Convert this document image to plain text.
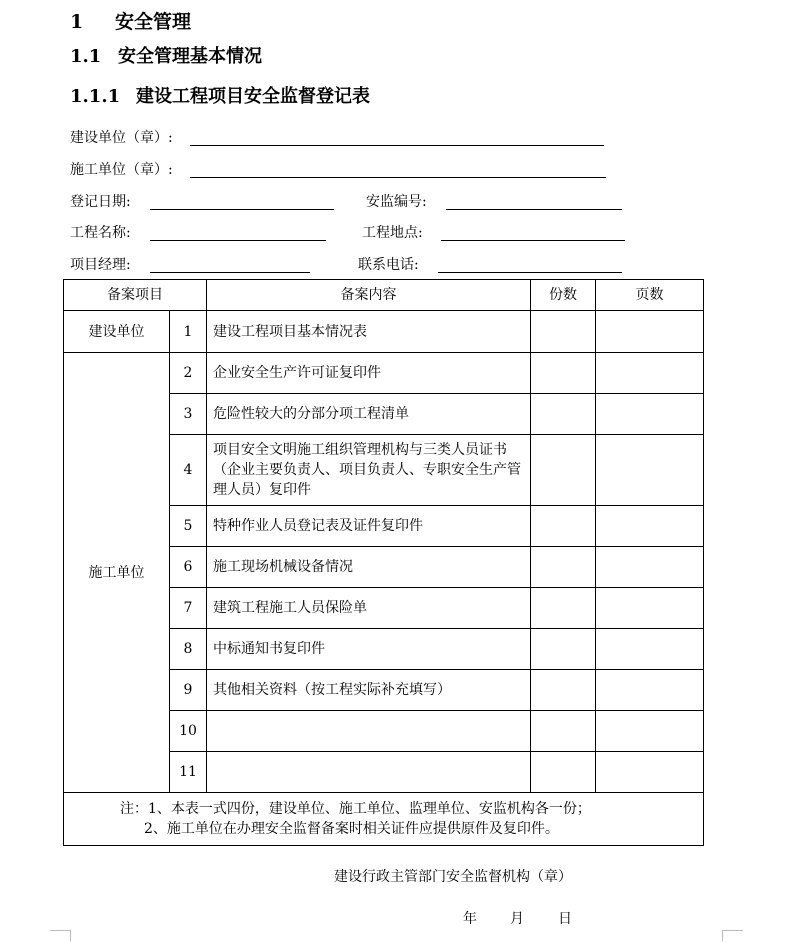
1 安全管理
1.1 安全管理基本情况
1.1.1 建设工程项目安全监督登记表
建设单位（章）:
施工单位（章）:
登记日期:	安监编号:
工程名称:	工程地点:
项目经理:	联系电话:
备案项目		备案内容	份数	页数
建设单位	1	建设工程项目基本情况表		
施工单位	2	企业安全生产许可证复印件		
	3	危险性较大的分部分项工程清单		
	4	项目安全文明施工组织管理机构与三类人员证书（企业主要负责人、项目负责人、专职安全生产管理人员）复印件		
	5	特种作业人员登记表及证件复印件		
	6	施工现场机械设备情况		
	7	建筑工程施工人员保险单		
	8	中标通知书复印件		
	9	其他相关资料（按工程实际补充填写）		
	10			
	11			

注：1、本表一式四份，建设单位、施工单位、监理单位、安监机构各一份；
2、施工单位在办理安全监督备案时相关证件应提供原件及复印件。				
建设行政主管部门安全监督机构（章）
年 月 日
